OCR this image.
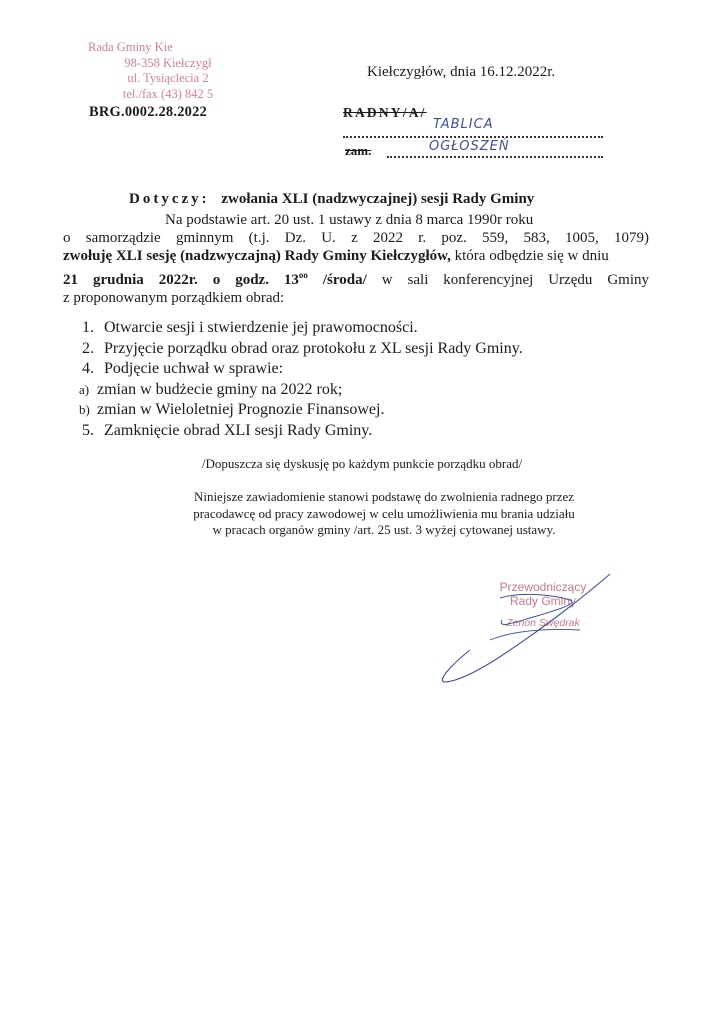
Rada Gminy Kie
98-358 Kiełczygł
ul. Tysiąclecia 2
tel./fax (43) 842 5
BRG.0002.28.2022
Kiełczygłów, dnia 16.12.2022r.
RADNY/A/
TABLICA
zam.	OGŁOSZEŃ
Dotyczy: zwołania XLI (nadzwyczajnej) sesji Rady Gminy
Na podstawie art. 20 ust. 1 ustawy z dnia 8 marca 1990r roku
o samorządzie gminnym (t.j. Dz. U. z 2022 r. poz. 559, 583, 1005, 1079)
zwołuję XLI sesję (nadzwyczajną) Rady Gminy Kiełczygłów, która odbędzie się w dniu
21 grudnia 2022r. o godz. $13^{oo}$ /środa/ w sali konferencyjnej Urzędu Gminy
z proponowanym porządkiem obrad:
1. Otwarcie sesji i stwierdzenie jej prawomocności.
2. Przyjęcie porządku obrad oraz protokołu z XL sesji Rady Gminy.
4. Podjęcie uchwał w sprawie:
a) zmian w budżecie gminy na 2022 rok;
b) zmian w Wieloletniej Prognozie Finansowej.
5. Zamknięcie obrad XLI sesji Rady Gminy.
/Dopuszcza się dyskusję po każdym punkcie porządku obrad/
Niniejsze zawiadomienie stanowi podstawę do zwolnienia radnego przez
pracodawcę od pracy zawodowej w celu umożliwienia mu brania udziału
w pracach organów gminy /art. 25 ust. 3 wyżej cytowanej ustawy.
Przewodniczący
Rady Gminy
Zenon Swędrak
